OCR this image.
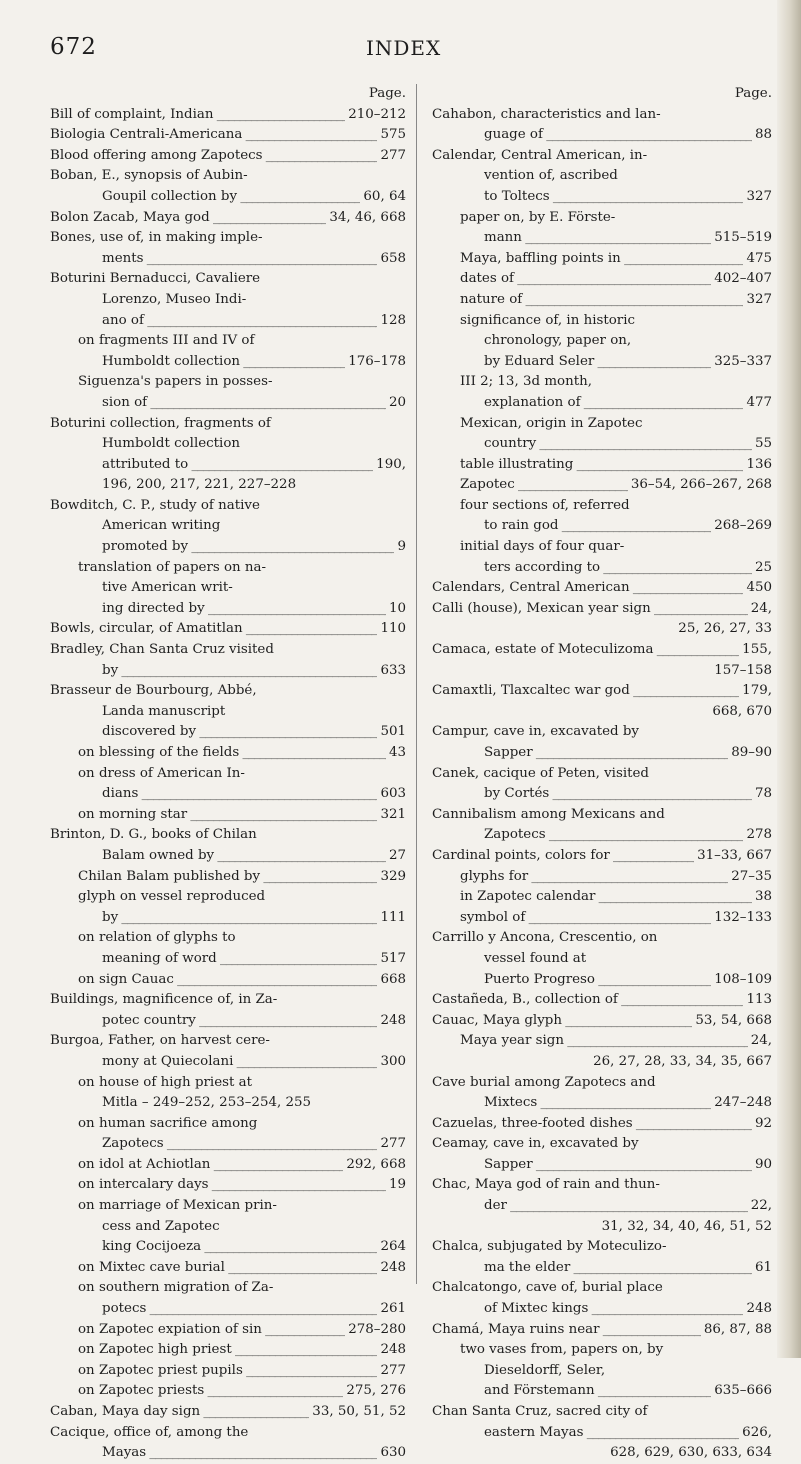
672	INDEX
Page.
Bill of complaint, Indian _____	210–212
Biologia Centrali-Americana _____	575
Blood offering among Zapotecs _____	277
Boban, E., synopsis of Aubin-
Goupil collection by _____	60, 64
Bolon Zacab, Maya god _____	34, 46, 668
Bones, use of, in making imple-
ments _____	658
Boturini Bernaducci, Cavaliere
Lorenzo, Museo Indi-
ano of _____	128
on fragments III and IV of
Humboldt collection _____	176–178
Siguenza's papers in posses-
sion of _____	20
Boturini collection, fragments of
Humboldt collection
attributed to _____	190,
196, 200, 217, 221, 227–228
Bowditch, C. P., study of native
American writing
promoted by _____	9
translation of papers on na-
tive American writ-
ing directed by _____	10
Bowls, circular, of Amatitlan _____	110
Bradley, Chan Santa Cruz visited
by _____	633
Brasseur de Bourbourg, Abbé,
Landa manuscript
discovered by _____	501
on blessing of the fields _____	43
on dress of American In-
dians _____	603
on morning star _____	321
Brinton, D. G., books of Chilan
Balam owned by _____	27
Chilan Balam published by _____	329
glyph on vessel reproduced
by _____	111
on relation of glyphs to
meaning of word _____	517
on sign Cauac _____	668
Buildings, magnificence of, in Za-
potec country _____	248
Burgoa, Father, on harvest cere-
mony at Quiecolani _____	300
on house of high priest at
Mitla – 249–252, 253–254, 255
on human sacrifice among
Zapotecs _____	277
on idol at Achiotlan _____	292, 668
on intercalary days _____	19
on marriage of Mexican prin-
cess and Zapotec
king Cocijoeza _____	264
on Mixtec cave burial _____	248
on southern migration of Za-
potecs _____	261
on Zapotec expiation of sin _____	278–280
on Zapotec high priest _____	248
on Zapotec priest pupils _____	277
on Zapotec priests _____	275, 276
Caban, Maya day sign _____	33, 50, 51, 52
Cacique, office of, among the
Mayas _____	630
Page.
Cahabon, characteristics and lan-
guage of _____	88
Calendar, Central American, in-
vention of, ascribed
to Toltecs _____	327
paper on, by E. Förste-
mann _____	515–519
Maya, baffling points in _____	475
dates of _____	402–407
nature of _____	327
significance of, in historic
chronology, paper on,
by Eduard Seler _____	325–337
III 2; 13, 3d month,
explanation of _____	477
Mexican, origin in Zapotec
country _____	55
table illustrating _____	136
Zapotec _____	36–54, 266–267, 268
four sections of, referred
to rain god _____	268–269
initial days of four quar-
ters according to _____	25
Calendars, Central American _____	450
Calli (house), Mexican year sign _____	24,
25, 26, 27, 33
Camaca, estate of Moteculizoma _____	155,
157–158
Camaxtli, Tlaxcaltec war god _____	179,
668, 670
Campur, cave in, excavated by
Sapper _____	89–90
Canek, cacique of Peten, visited
by Cortés _____	78
Cannibalism among Mexicans and
Zapotecs _____	278
Cardinal points, colors for _____	31–33, 667
glyphs for _____	27–35
in Zapotec calendar _____	38
symbol of _____	132–133
Carrillo y Ancona, Crescentio, on
vessel found at
Puerto Progreso _____	108–109
Castañeda, B., collection of _____	113
Cauac, Maya glyph _____	53, 54, 668
Maya year sign _____	24,
26, 27, 28, 33, 34, 35, 667
Cave burial among Zapotecs and
Mixtecs _____	247–248
Cazuelas, three-footed dishes _____	92
Ceamay, cave in, excavated by
Sapper _____	90
Chac, Maya god of rain and thun-
der _____	22,
31, 32, 34, 40, 46, 51, 52
Chalca, subjugated by Moteculizo-
ma the elder _____	61
Chalcatongo, cave of, burial place
of Mixtec kings _____	248
Chamá, Maya ruins near _____	86, 87, 88
two vases from, papers on, by
Dieseldorff, Seler,
and Förstemann _____	635–666
Chan Santa Cruz, sacred city of
eastern Mayas _____	626,
628, 629, 630, 633, 634
